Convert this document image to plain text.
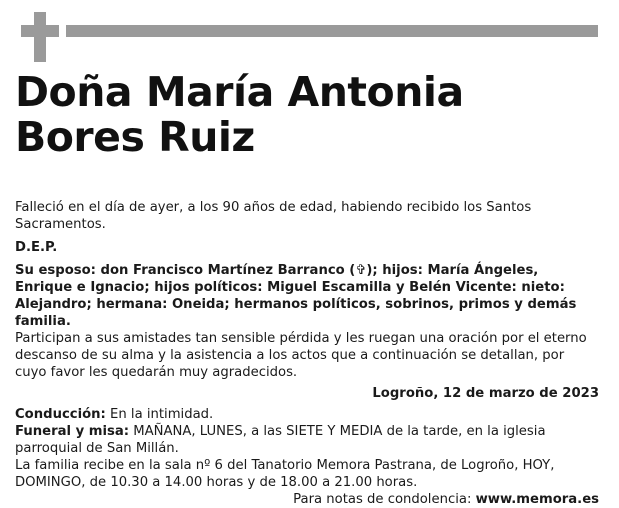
Doña María Antonia
Bores Ruiz

Falleció en el día de ayer, a los 90 años de edad, habiendo recibido los Santos Sacramentos.

D.E.P.

Su esposo: don Francisco Martínez Barranco (✞); hijos: María Ángeles, Enrique e Ignacio; hijos políticos: Miguel Escamilla y Belén Vicente: nieto: Alejandro; hermana: Oneida; hermanos políticos, sobrinos, primos y demás familia.

Participan a sus amistades tan sensible pérdida y les ruegan una oración por el eterno descanso de su alma y la asistencia a los actos que a continuación se detallan, por cuyo favor les quedarán muy agradecidos.

Logroño, 12 de marzo de 2023

Conducción: En la intimidad.

Funeral y misa: MAÑANA, LUNES, a las SIETE Y MEDIA de la tarde, en la iglesia parroquial de San Millán.

La familia recibe en la sala nº 6 del Tanatorio Memora Pastrana, de Logroño, HOY, DOMINGO, de 10.30 a 14.00 horas y de 18.00 a 21.00 horas.

Para notas de condolencia: www.memora.es
